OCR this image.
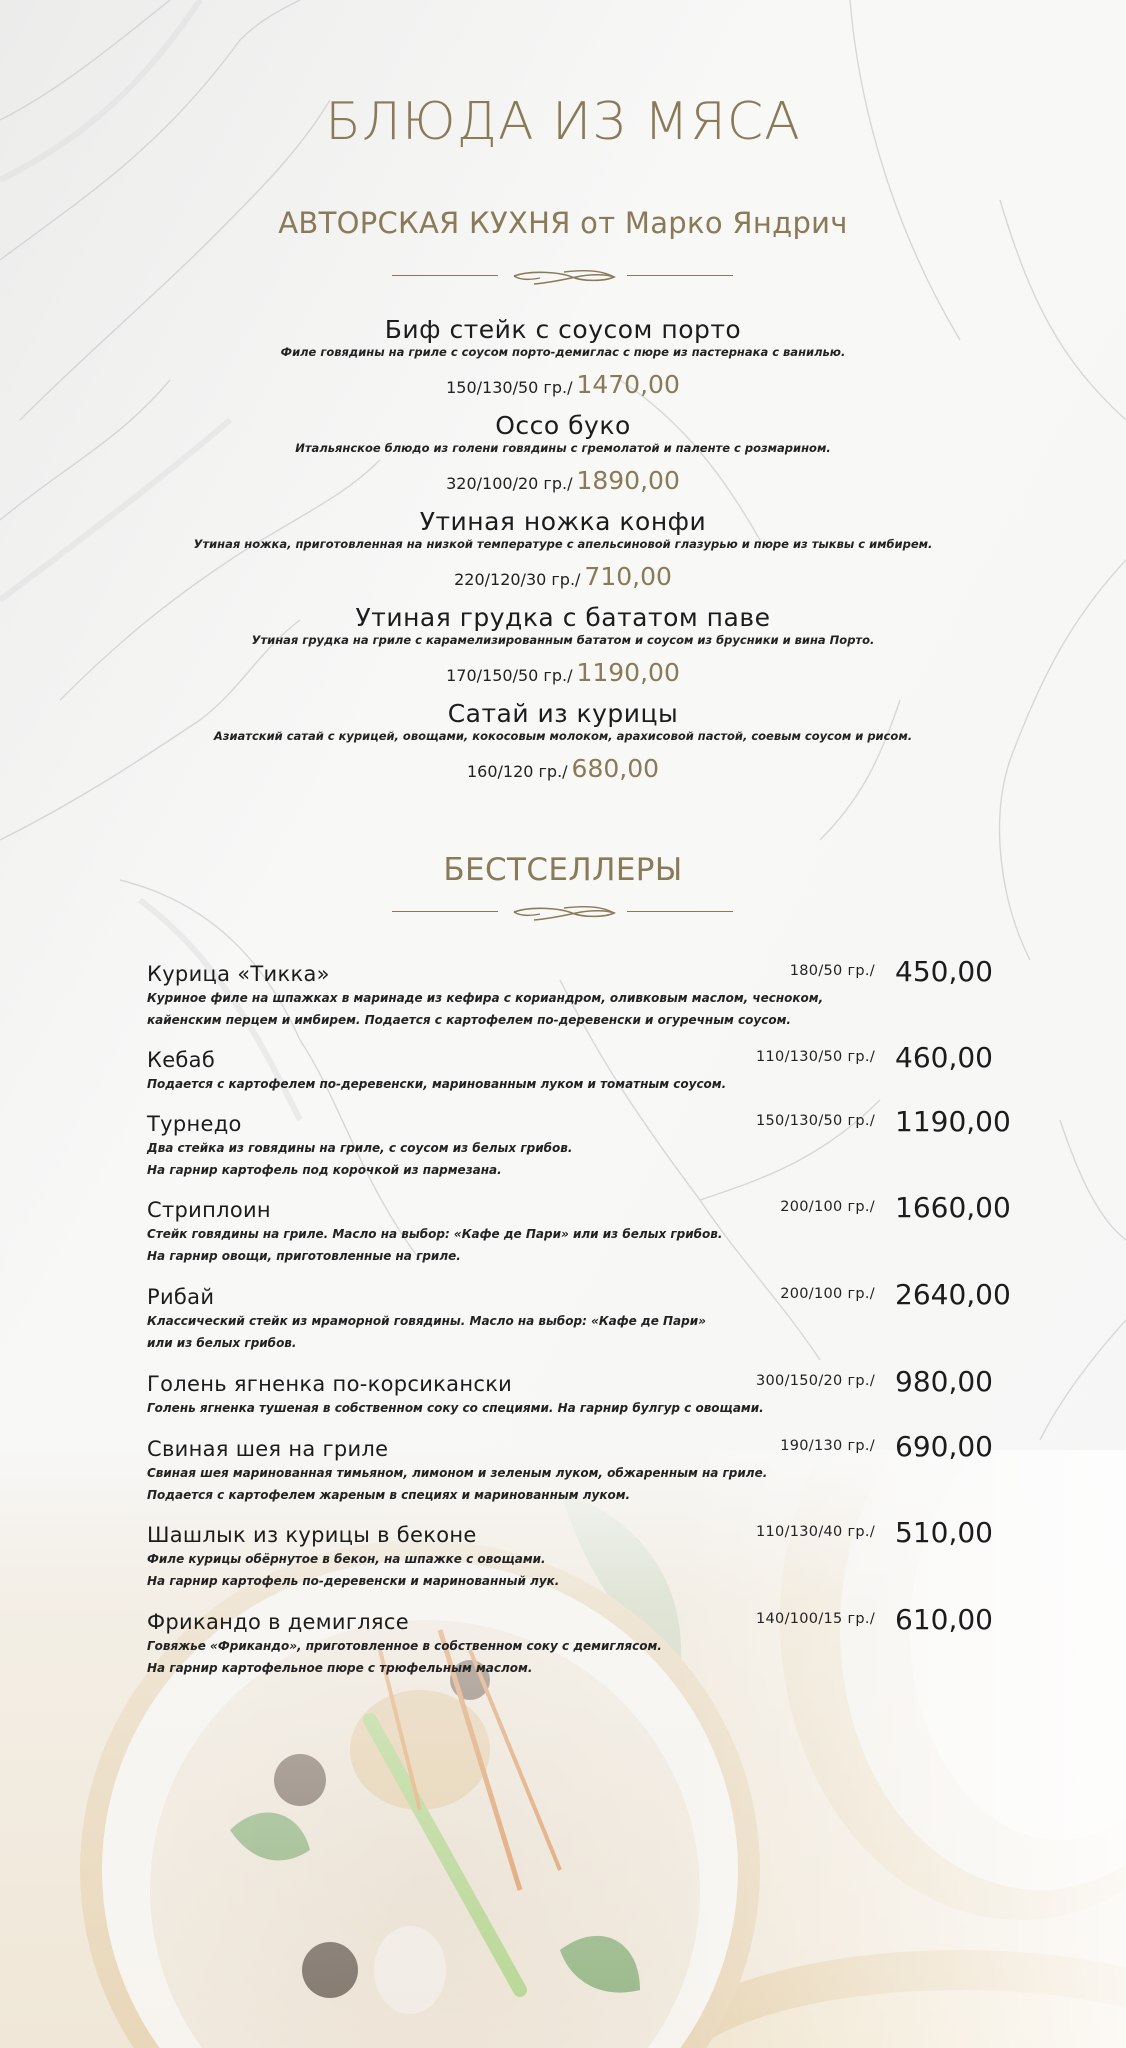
БЛЮДА ИЗ МЯСА
АВТОРСКАЯ КУХНЯ от Марко Яндрич
Биф стейк с соусом порто
Филе говядины на гриле с соусом порто-демиглас с пюре из пастернака с ванилью.
150/130/50 гр./ 1470,00
Оссо буко
Итальянское блюдо из голени говядины с гремолатой и паленте с розмарином.
320/100/20 гр./ 1890,00
Утиная ножка конфи
Утиная ножка, приготовленная на низкой температуре с апельсиновой глазурью и пюре из тыквы с имбирем.
220/120/30 гр./ 710,00
Утиная грудка с бататом паве
Утиная грудка на гриле с карамелизированным бататом и соусом из брусники и вина Порто.
170/150/50 гр./ 1190,00
Сатай из курицы
Азиатский сатай с курицей, овощами, кокосовым молоком, арахисовой пастой, соевым соусом и рисом.
160/120 гр./ 680,00
БЕСТСЕЛЛЕРЫ
Курица «Тикка»
Куриное филе на шпажках в маринаде из кефира с кориандром, оливковым маслом, чесноком,
кайенским перцем и имбирем. Подается с картофелем по-деревенски и огуречным соусом.
180/50 гр./ 450,00
Кебаб
Подается с картофелем по-деревенски, маринованным луком и томатным соусом.
110/130/50 гр./ 460,00
Турнедо
Два стейка из говядины на гриле, с соусом из белых грибов.
На гарнир картофель под корочкой из пармезана.
150/130/50 гр./ 1190,00
Стриплоин
Стейк говядины на гриле. Масло на выбор: «Кафе де Пари» или из белых грибов.
На гарнир овощи, приготовленные на гриле.
200/100 гр./ 1660,00
Рибай
Классический стейк из мраморной говядины. Масло на выбор: «Кафе де Пари»
или из белых грибов.
200/100 гр./ 2640,00
Голень ягненка по-корсикански
Голень ягненка тушеная в собственном соку со специями. На гарнир булгур с овощами.
300/150/20 гр./ 980,00
Свиная шея на гриле
Свиная шея маринованная тимьяном, лимоном и зеленым луком, обжаренным на гриле.
Подается с картофелем жареным в специях и маринованным луком.
190/130 гр./ 690,00
Шашлык из курицы в беконе
Филе курицы обёрнутое в бекон, на шпажке с овощами.
На гарнир картофель по-деревенски и маринованный лук.
110/130/40 гр./ 510,00
Фрикандо в демиглясе
Говяжье «Фрикандо», приготовленное в собственном соку с демиглясом.
На гарнир картофельное пюре с трюфельным маслом.
140/100/15 гр./ 610,00
